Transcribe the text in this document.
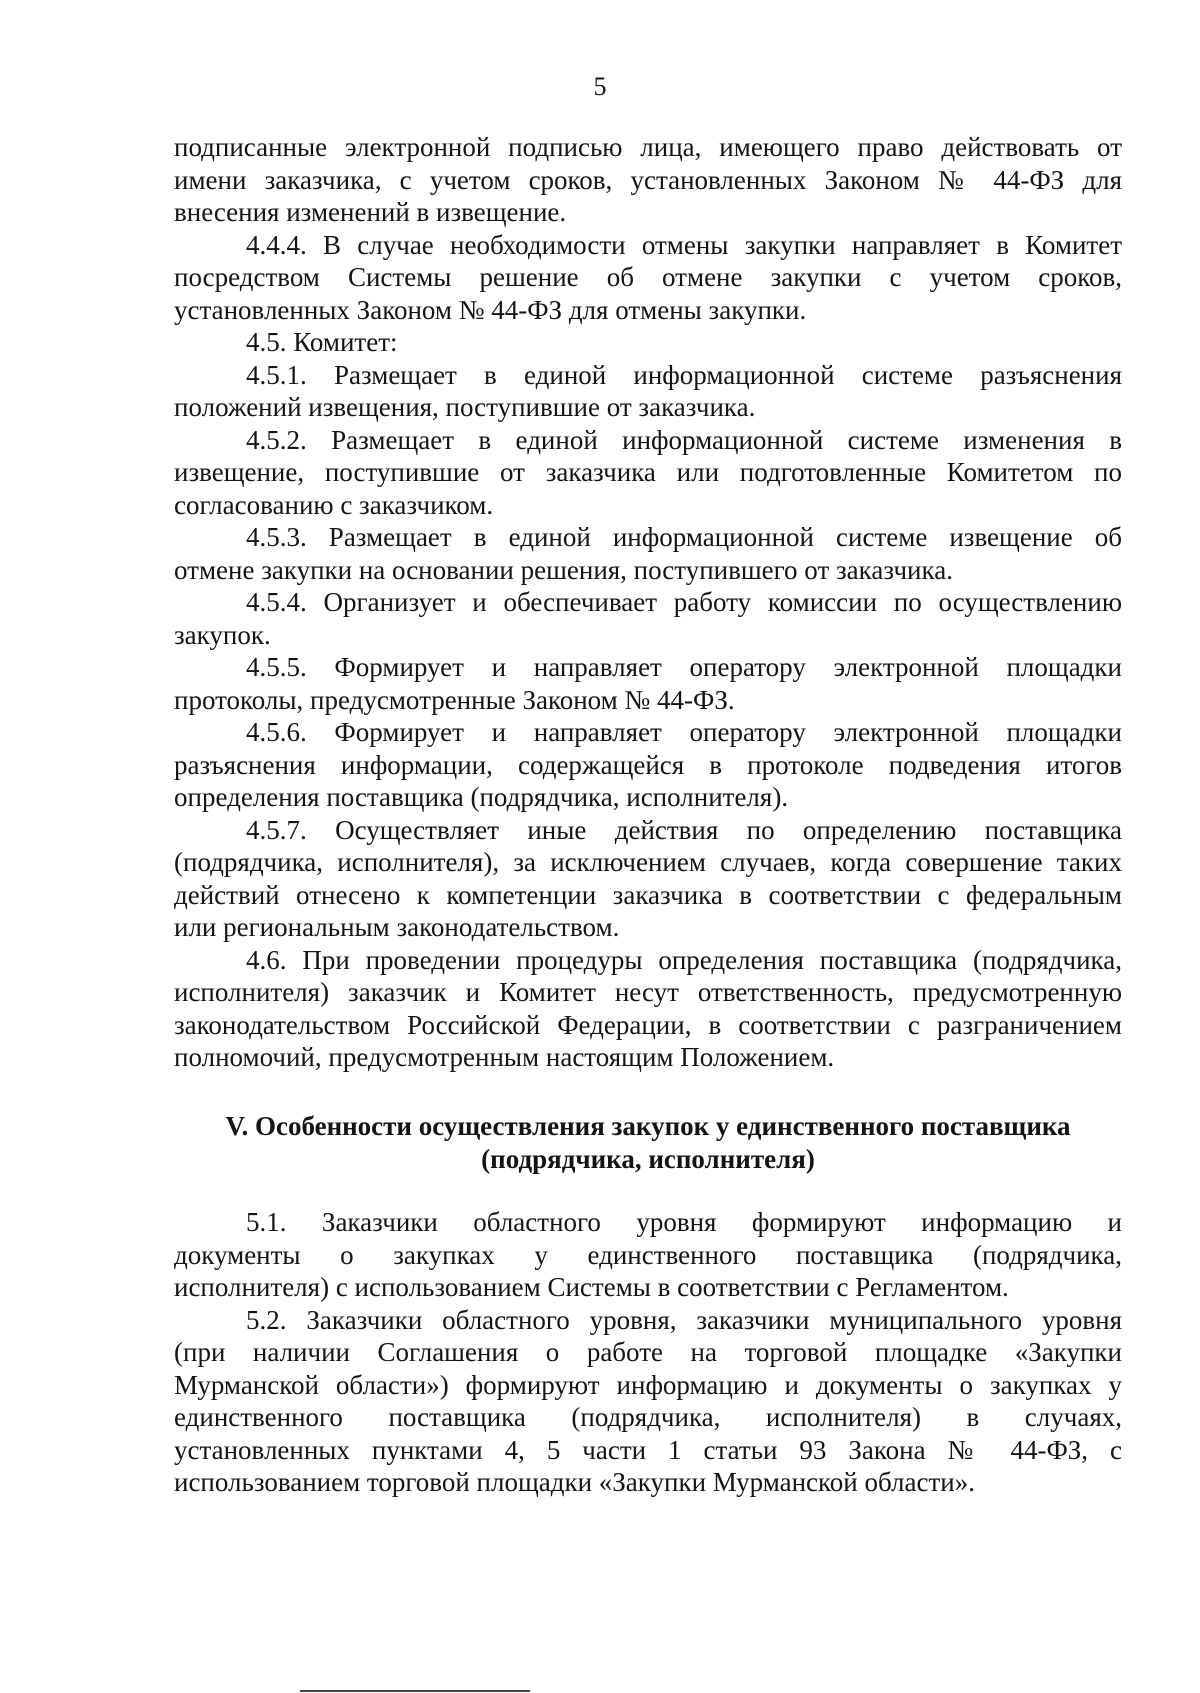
5
подписанные электронной подписью лица, имеющего право действовать от
имени заказчика, с учетом сроков, установленных Законом № 44-ФЗ для
внесения изменений в извещение.
4.4.4. В случае необходимости отмены закупки направляет в Комитет
посредством Системы решение об отмене закупки с учетом сроков,
установленных Законом № 44-ФЗ для отмены закупки.
4.5. Комитет:
4.5.1. Размещает в единой информационной системе разъяснения
положений извещения, поступившие от заказчика.
4.5.2. Размещает в единой информационной системе изменения в
извещение, поступившие от заказчика или подготовленные Комитетом по
согласованию с заказчиком.
4.5.3. Размещает в единой информационной системе извещение об
отмене закупки на основании решения, поступившего от заказчика.
4.5.4. Организует и обеспечивает работу комиссии по осуществлению
закупок.
4.5.5. Формирует и направляет оператору электронной площадки
протоколы, предусмотренные Законом № 44-ФЗ.
4.5.6. Формирует и направляет оператору электронной площадки
разъяснения информации, содержащейся в протоколе подведения итогов
определения поставщика (подрядчика, исполнителя).
4.5.7. Осуществляет иные действия по определению поставщика
(подрядчика, исполнителя), за исключением случаев, когда совершение таких
действий отнесено к компетенции заказчика в соответствии с федеральным
или региональным законодательством.
4.6. При проведении процедуры определения поставщика (подрядчика,
исполнителя) заказчик и Комитет несут ответственность, предусмотренную
законодательством Российской Федерации, в соответствии с разграничением
полномочий, предусмотренным настоящим Положением.
V. Особенности осуществления закупок у единственного поставщика
(подрядчика, исполнителя)
5.1. Заказчики областного уровня формируют информацию и
документы о закупках у единственного поставщика (подрядчика,
исполнителя) с использованием Системы в соответствии с Регламентом.
5.2. Заказчики областного уровня, заказчики муниципального уровня
(при наличии Соглашения о работе на торговой площадке «Закупки
Мурманской области») формируют информацию и документы о закупках у
единственного поставщика (подрядчика, исполнителя) в случаях,
установленных пунктами 4, 5 части 1 статьи 93 Закона № 44-ФЗ, с
использованием торговой площадки «Закупки Мурманской области».
